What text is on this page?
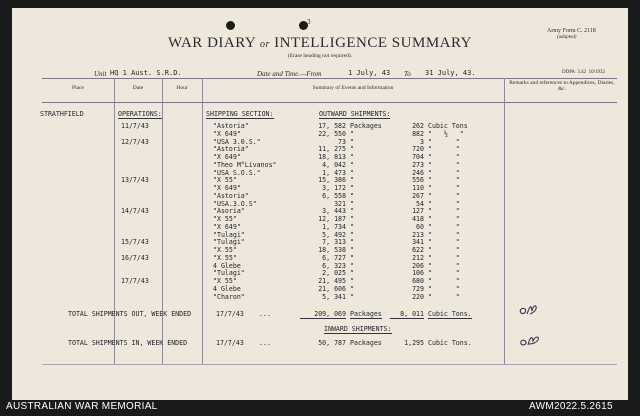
3
Army Form C. 2118
(adapted)
WAR DIARY or INTELLIGENCE SUMMARY
(Erase heading not required).
Unit HQ 1 Aust. S.R.D.	Date and Time.—From	1 July, 43 To 31 July, 43.	DDPA  3.42  10/1932
Place	Date	Hour	Summary of Events and Information
Remarks and references to Appendices, Diaries, &c.
STRATHFIELD	OPERATIONS:	SHIPPING SECTION:	OUTWARD SHIPMENTS:
11/7/43	"Astoria"	17, 582 Packages	262 Cubic Tons
"X 649"	22, 550 "	882 "   ½   "
12/7/43	"USA 3.0.S."	73 "	3 "      "
"Astoria"	11, 275 "	720 "      "
"X 649"	18, 813 "	704 "      "
"Theo M°Livanos"	4, 042 "	273 "      "
"USA S.O.S."	1, 473 "	246 "      "
13/7/43	"X 55"	15, 386 "	556 "      "
"X 649"	3, 172 "	110 "      "
"Astoria"	6, 558 "	267 "      "
"USA.3.O.S"	321 "	54 "      "
14/7/43	"Asoria"	3, 443 "	127 "      "
"X 55"	12, 187 "	418 "      "
"X 649"	1, 734 "	60 "      "
"Tulagi"	5, 492 "	213 "      "
15/7/43	"Tulagi"	7, 313 "	341 "      "
"X 55"	18, 538 "	622 "      "
16/7/43	"X 55"	6, 727 "	212 "      "
4 Glebe	6, 323 "	206 "      "
"Tulagi"	2, 025 "	106 "      "
17/7/43	"X 55"	21, 495 "	680 "      "
4 Glebe	21, 606 "	729 "      "
"Charon"	5, 341 "	220 "      "
TOTAL SHIPMENTS OUT, WEEK ENDED	17/7/43 ...	209, 069 Packages	8, 011 Cubic Tons.
INWARD SHIPMENTS:
TOTAL SHIPMENTS IN, WEEK ENDED	17/7/43 ...	50, 787 Packages	1,295 Cubic Tons.
AUSTRALIAN WAR MEMORIAL	AWM2022.5.2615
